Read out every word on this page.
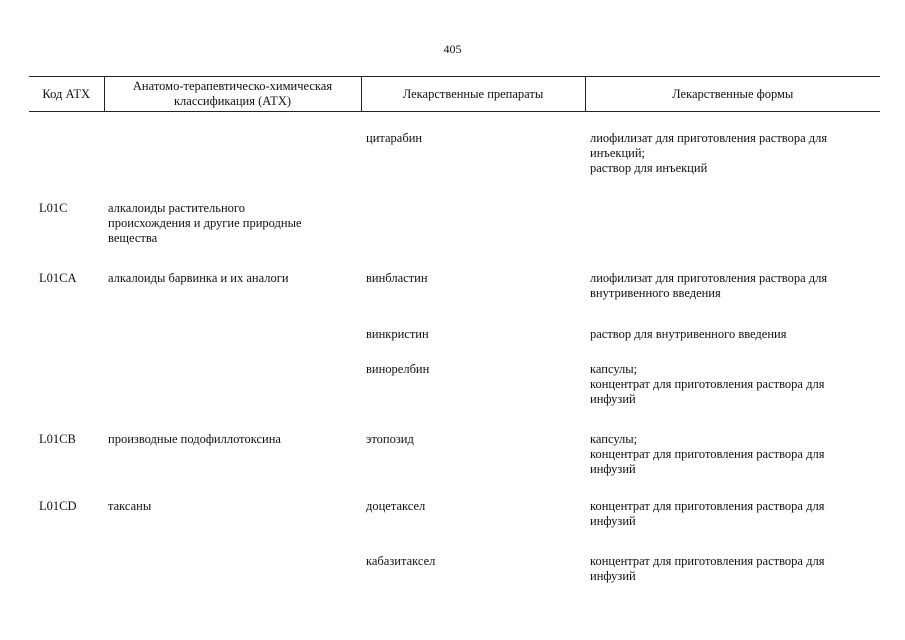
405
Код АТХ	Анатомо-терапевтическо-химическая классификация (АТХ)	Лекарственные препараты	Лекарственные формы
		цитарабин	лиофилизат для приготовления раствора для инъекций;
раствор для инъекций

L01C	алкалоиды растительного происхождения и другие природные вещества		
L01CA	алкалоиды барвинка и их аналоги	винбластин	лиофилизат для приготовления раствора для внутривенного введения

		винкристин	раствор для внутривенного введения

		винорелбин	капсулы;
концентрат для приготовления раствора для инфузий

L01CB	производные подофиллотоксина	этопозид	капсулы;
концентрат для приготовления раствора для инфузий

L01CD	таксаны	доцетаксел	концентрат для приготовления раствора для инфузий

		кабазитаксел	концентрат для приготовления раствора для инфузий
